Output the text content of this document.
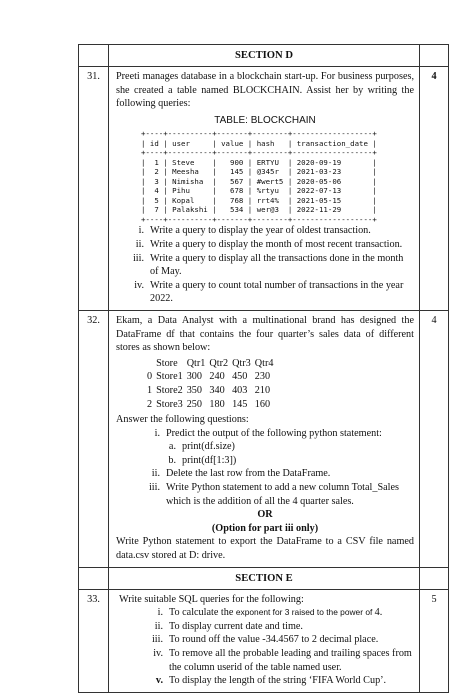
	SECTION D	
31.	Preeti manages database in a blockchain start-up. For business purposes, she created a table named BLOCKCHAIN. Assist her by writing the following queries:

TABLE: BLOCKCHAIN
+----+----------+-------+--------+------------------+
| id | user     | value | hash   | transaction_date |
+----+----------+-------+--------+------------------+
|  1 | Steve    |   900 | ERTYU  | 2020-09-19       |
|  2 | Meesha   |   145 | @345r  | 2021-03-23       |
|  3 | Nimisha  |   567 | #wert5 | 2020-05-06       |
|  4 | Pihu     |   678 | %rtyu  | 2022-07-13       |
|  5 | Kopal    |   768 | rrt4%  | 2021-05-15       |
|  7 | Palakshi |   534 | wer@3  | 2022-11-29       |
+----+----------+-------+--------+------------------+
i. Write a query to display the year of oldest transaction.
ii. Write a query to display the month of most recent transaction.
iii. Write a query to display all the transactions done in the month of May.
iv. Write a query to count total number of transactions in the year 2022.
	4
32.	Ekam, a Data Analyst with a multinational brand has designed the DataFrame df that contains the four quarter’s sales data of different stores as shown below:

	Store	Qtr1	Qtr2	Qtr3	Qtr4
0	Store1	300	240	450	230
1	Store2	350	340	403	210
2	Store3	250	180	145	160
Answer the following questions:
i. Predict the output of the following python statement:
a. print(df.size)
b. print(df[1:3])
ii. Delete the last row from the DataFrame.
iii. Write Python statement to add a new column Total_Sales which is the addition of all the 4 quarter sales.
OR
(Option for part iii only)

Write Python statement to export the DataFrame to a CSV file named data.csv stored at D: drive.

	4
	SECTION E	
33.	Write suitable SQL queries for the following:
i. To calculate the exponent for 3 raised to the power of 4.
ii. To display current date and time.
iii. To round off the value -34.4567 to 2 decimal place.
iv. To remove all the probable leading and trailing spaces from the column userid of the table named user.
v. To display the length of the string ‘FIFA World Cup’.
	5
